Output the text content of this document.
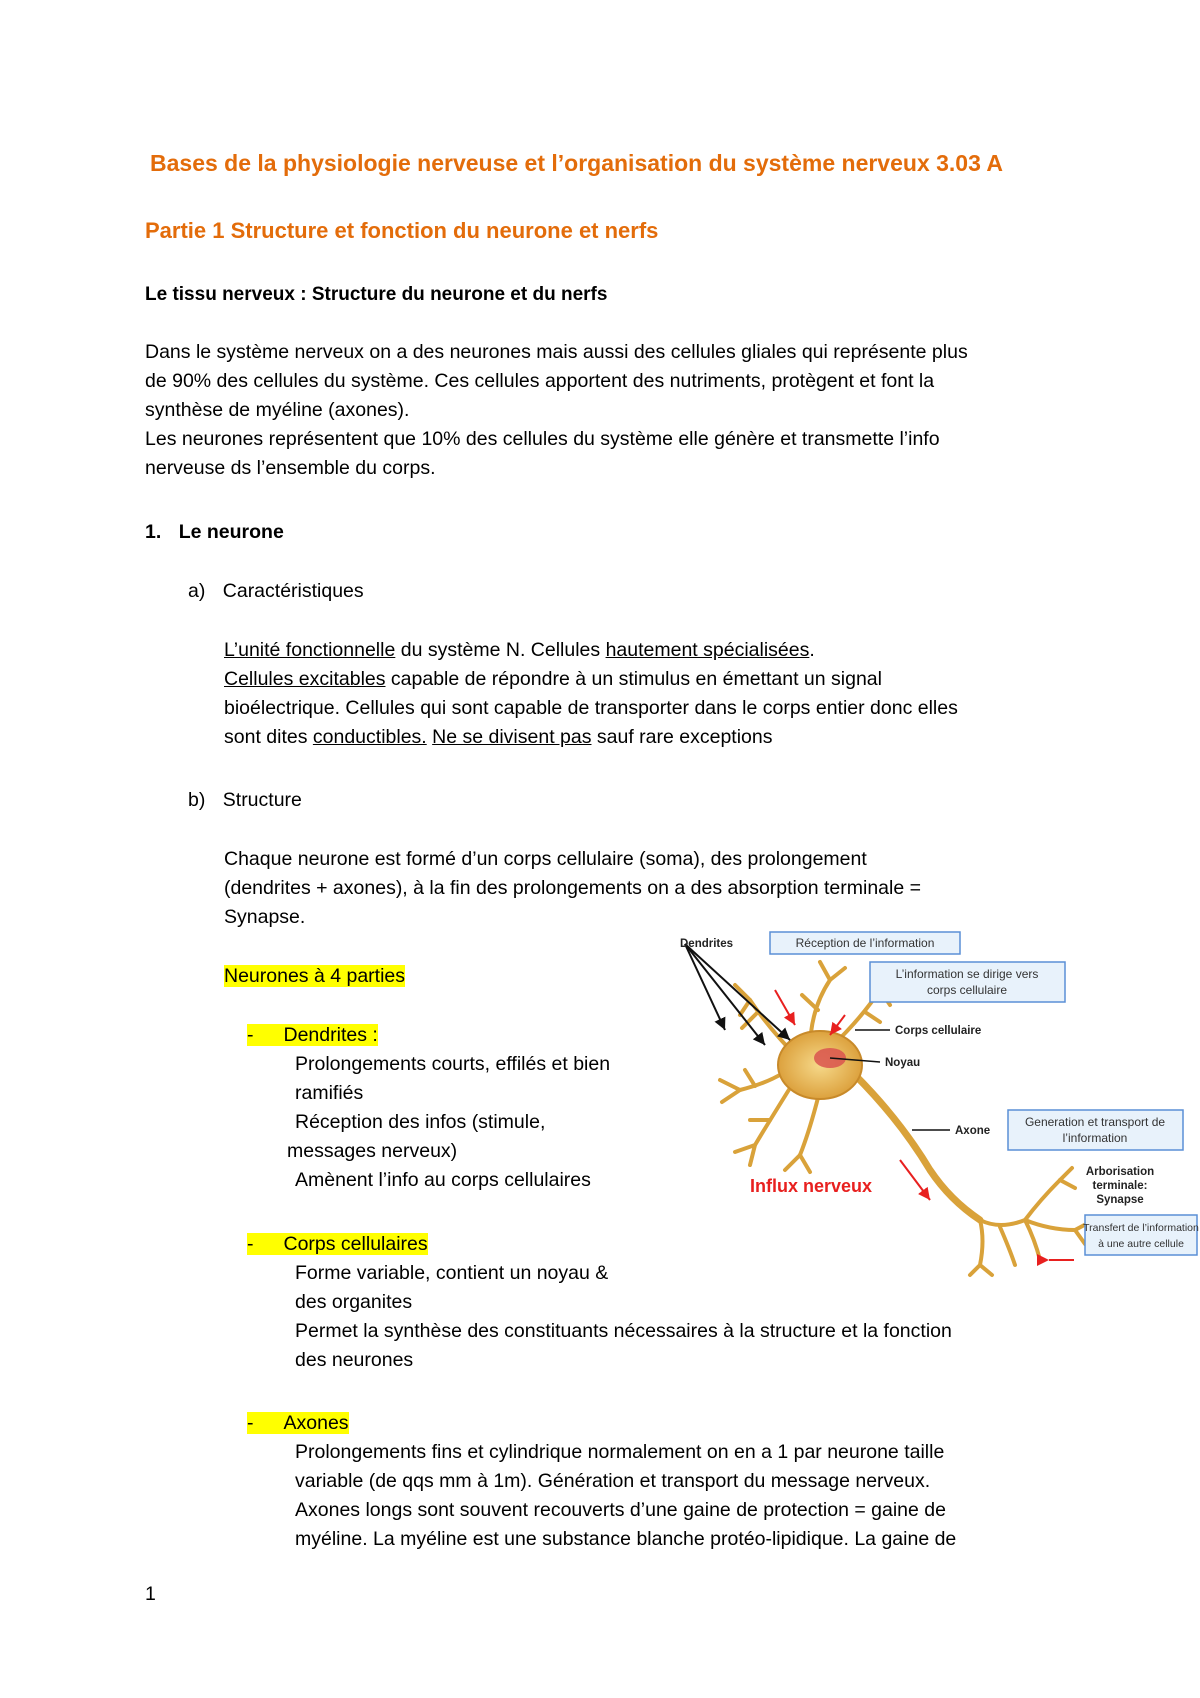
Bases de la physiologie nerveuse et l’organisation du système nerveux 3.03 A
Partie 1 Structure et fonction du neurone et nerfs
Le tissu nerveux : Structure du neurone et du nerfs
Dans le système nerveux on a des neurones mais aussi des cellules gliales qui représente plus
de 90% des cellules du système. Ces cellules apportent des nutriments, protègent et font la
synthèse de myéline (axones).
Les neurones représentent que 10% des cellules du système elle génère et transmette l’info
nerveuse ds l’ensemble du corps.
1. Le neurone
a) Caractéristiques
L’unité fonctionnelle du système N. Cellules hautement spécialisées.
Cellules excitables capable de répondre à un stimulus en émettant un signal
bioélectrique. Cellules qui sont capable de transporter dans le corps entier donc elles
sont dites conductibles. Ne se divisent pas sauf rare exceptions
b) Structure
Chaque neurone est formé d’un corps cellulaire (soma), des prolongement
(dendrites + axones), à la fin des prolongements on a des absorption terminale =
Synapse.
Neurones à 4 parties
- Dendrites :
Prolongements courts, effilés et bien
ramifiés
Réception des infos (stimule,
messages nerveux)
Amènent l’info au corps cellulaires
- Corps cellulaires
Forme variable, contient un noyau &
des organites
Permet la synthèse des constituants nécessaires à la structure et la fonction
des neurones
- Axones
Prolongements fins et cylindrique normalement on en a 1 par neurone taille
variable (de qqs mm à 1m). Génération et transport du message nerveux.
Axones longs sont souvent recouverts d’une gaine de protection = gaine de
myéline. La myéline est une substance blanche protéo-lipidique. La gaine de
1
Dendrites	Réception de l’information
L’information se dirige vers
corps cellulaire
Corps cellulaire
Noyau
Axone
Generation et transport de
l’information
Influx nerveux
Arborisation
terminale:
Synapse
Transfert de l’information
à une autre cellule
